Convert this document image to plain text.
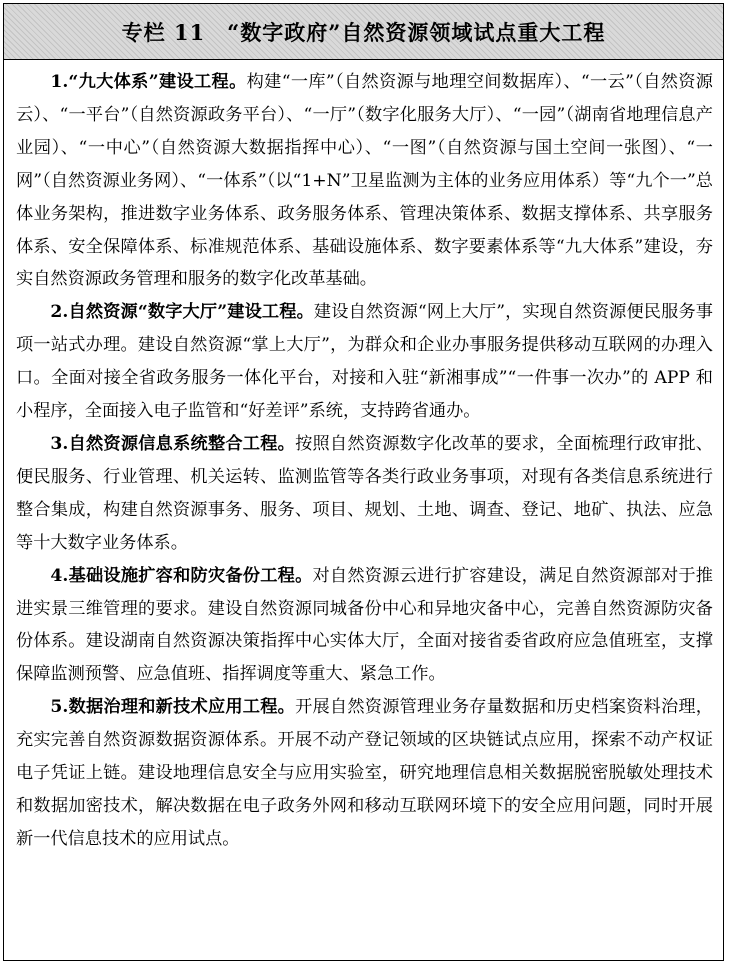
专栏 11　“数字政府”自然资源领域试点重大工程

1.“九大体系”建设工程。构建“一库”（自然资源与地理空间数据库）、“一云”（自然资源云）、“一平台”（自然资源政务平台）、“一厅”（数字化服务大厅）、“一园”（湖南省地理信息产业园）、“一中心”（自然资源大数据指挥中心）、“一图”（自然资源与国土空间一张图）、“一网”（自然资源业务网）、“一体系”（以“1+N”卫星监测为主体的业务应用体系）等“九个一”总体业务架构，推进数字业务体系、政务服务体系、管理决策体系、数据支撑体系、共享服务体系、安全保障体系、标准规范体系、基础设施体系、数字要素体系等“九大体系”建设，夯实自然资源政务管理和服务的数字化改革基础。

2.自然资源“数字大厅”建设工程。建设自然资源“网上大厅”，实现自然资源便民服务事项一站式办理。建设自然资源“掌上大厅”，为群众和企业办事服务提供移动互联网的办理入口。全面对接全省政务服务一体化平台，对接和入驻“新湘事成”“一件事一次办”的 APP 和小程序，全面接入电子监管和“好差评”系统，支持跨省通办。

3.自然资源信息系统整合工程。按照自然资源数字化改革的要求，全面梳理行政审批、便民服务、行业管理、机关运转、监测监管等各类行政业务事项，对现有各类信息系统进行整合集成，构建自然资源事务、服务、项目、规划、土地、调查、登记、地矿、执法、应急等十大数字业务体系。

4.基础设施扩容和防灾备份工程。对自然资源云进行扩容建设，满足自然资源部对于推进实景三维管理的要求。建设自然资源同城备份中心和异地灾备中心，完善自然资源防灾备份体系。建设湖南自然资源决策指挥中心实体大厅，全面对接省委省政府应急值班室，支撑保障监测预警、应急值班、指挥调度等重大、紧急工作。

5.数据治理和新技术应用工程。开展自然资源管理业务存量数据和历史档案资料治理，充实完善自然资源数据资源体系。开展不动产登记领域的区块链试点应用，探索不动产权证电子凭证上链。建设地理信息安全与应用实验室，研究地理信息相关数据脱密脱敏处理技术和数据加密技术，解决数据在电子政务外网和移动互联网环境下的安全应用问题，同时开展新一代信息技术的应用试点。
